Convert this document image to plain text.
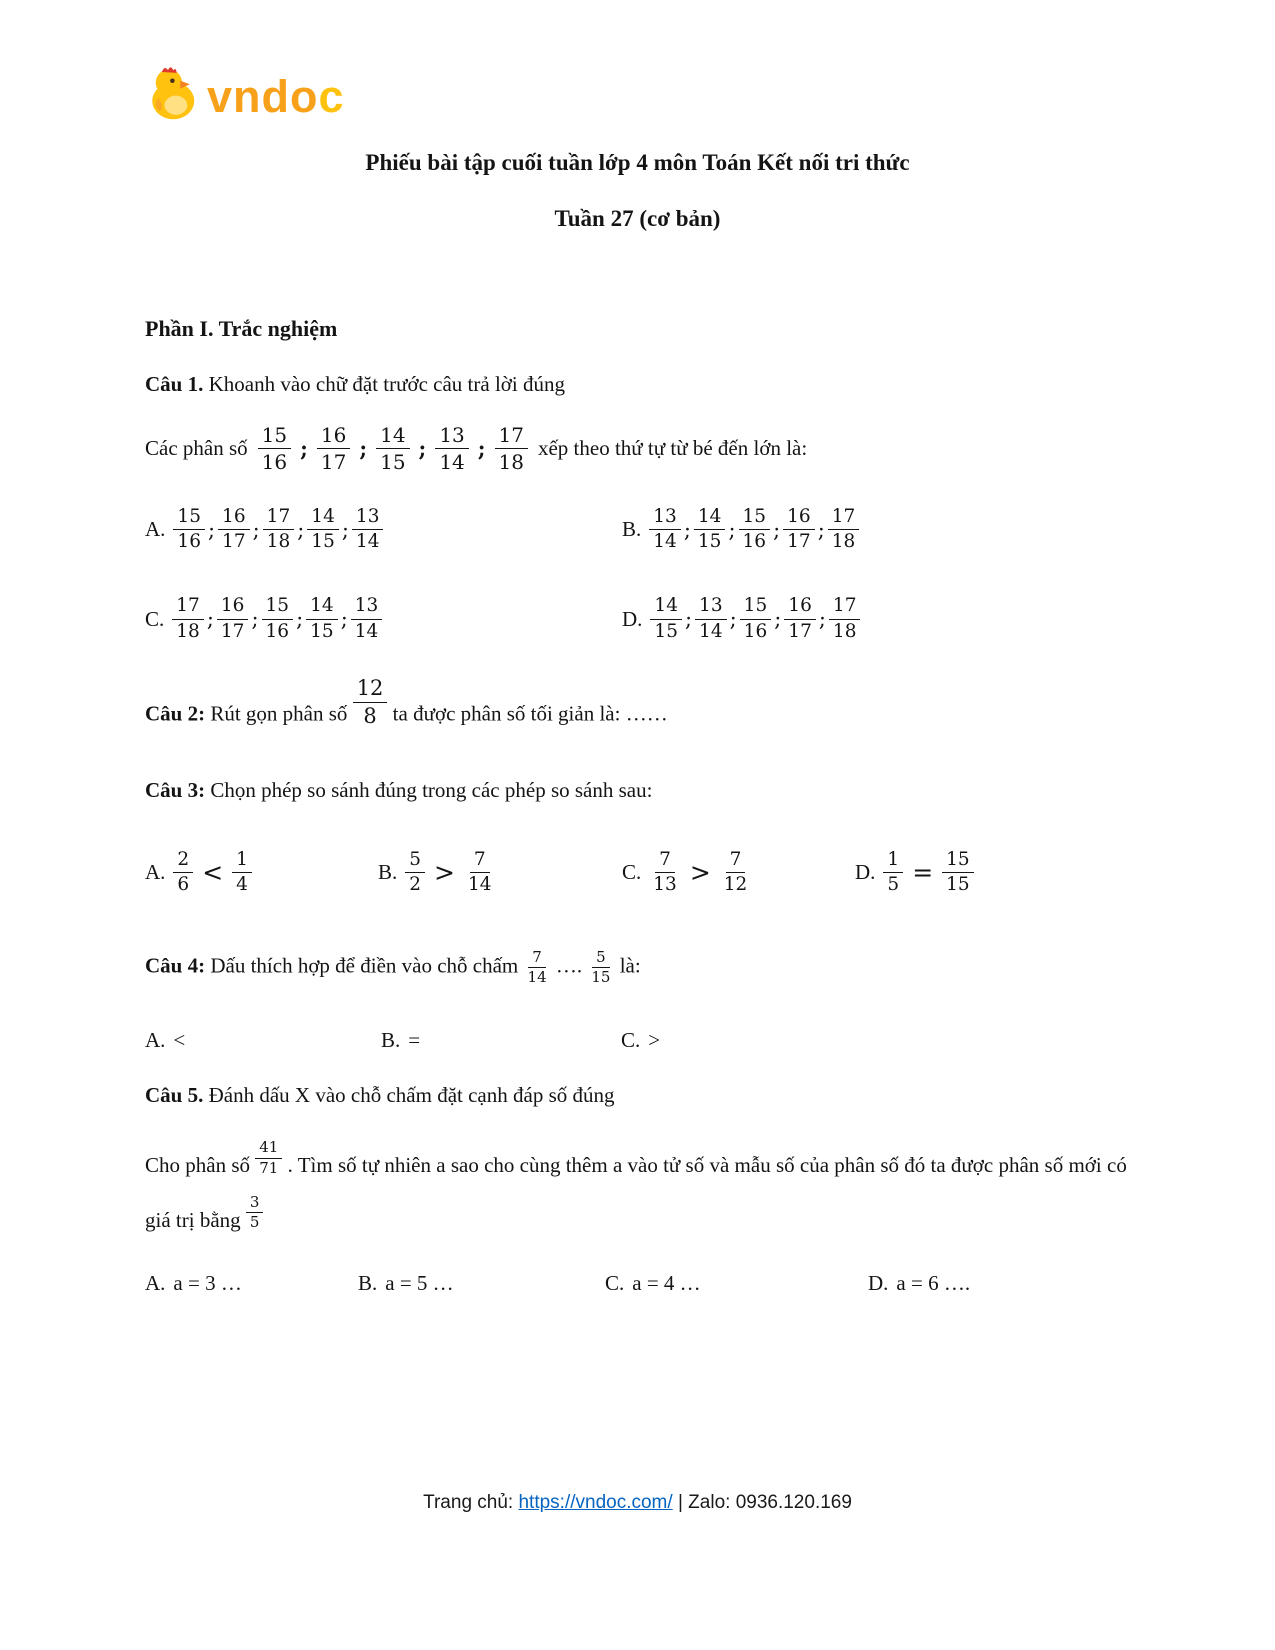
vndoc
Phiếu bài tập cuối tuần lớp 4 môn Toán Kết nối tri thức
Tuần 27 (cơ bản)
Phần I. Trắc nghiệm

Câu 1. Khoanh vào chữ đặt trước câu trả lời đúng

Các phân số $\frac{15}{16}$ ; $\frac{16}{17}$ ; $\frac{14}{15}$ ; $\frac{13}{14}$ ; $\frac{17}{18}$ xếp theo thứ tự từ bé đến lớn là:

A. $\frac{15}{16}$ ; $\frac{16}{17}$ ; $\frac{17}{18}$ ; $\frac{14}{15}$ ; $\frac{13}{14}$	B. $\frac{13}{14}$ ; $\frac{14}{15}$ ; $\frac{15}{16}$ ; $\frac{16}{17}$ ; $\frac{17}{18}$
C. $\frac{17}{18}$ ; $\frac{16}{17}$ ; $\frac{15}{16}$ ; $\frac{14}{15}$ ; $\frac{13}{14}$	D. $\frac{14}{15}$ ; $\frac{13}{14}$ ; $\frac{15}{16}$ ; $\frac{16}{17}$ ; $\frac{17}{18}$

Câu 2: Rút gọn phân số $\frac{12}{8}$ ta được phân số tối giản là: ……

Câu 3: Chọn phép so sánh đúng trong các phép so sánh sau:

A. $\frac{2}{6} < \frac{1}{4}$	B. $\frac{5}{2} > \frac{7}{14}$	C. $\frac{7}{13} > \frac{7}{12}$	D. $\frac{1}{5} = \frac{15}{15}$

Câu 4: Dấu thích hợp để điền vào chỗ chấm $\frac{7}{14}$ …. $\frac{5}{15}$ là:

A. <	B. =	C. >

Câu 5. Đánh dấu X vào chỗ chấm đặt cạnh đáp số đúng

Cho phân số $\frac{41}{71}$ . Tìm số tự nhiên a sao cho cùng thêm a vào tử số và mẫu số của phân số đó ta được phân số mới có giá trị bằng $\frac{3}{5}$

A. a = 3 …	B. a = 5 …	C. a = 4 …	D. a = 6 ….
Trang chủ: https://vndoc.com/ | Zalo: 0936.120.169
